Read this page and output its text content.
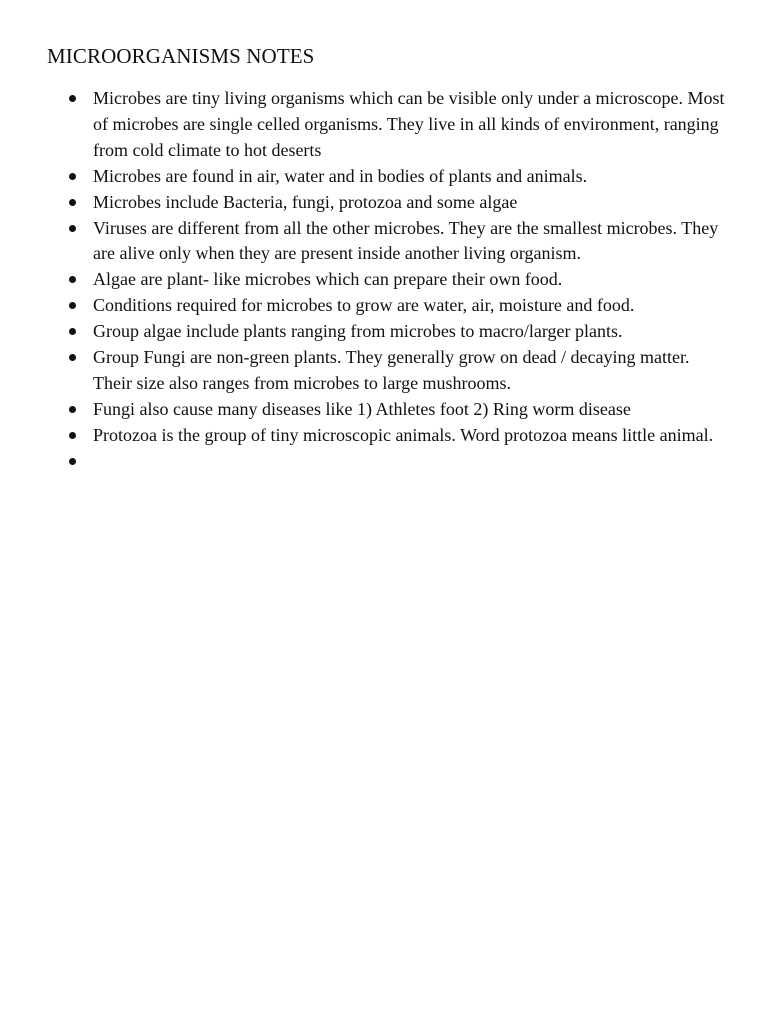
MICROORGANISMS NOTES
Microbes are tiny living organisms which can be visible only under a microscope. Most of microbes are single celled organisms. They live in all kinds of environment, ranging from cold climate to hot deserts
Microbes are found in air, water and in bodies of plants and animals.
Microbes include Bacteria, fungi, protozoa and some algae
Viruses are different from all the other microbes. They are the smallest microbes. They are alive only when they are present inside another living organism.
Algae are plant- like microbes which can prepare their own food.
Conditions required for microbes to grow are water, air, moisture and food.
Group algae include plants ranging from microbes to macro/larger plants.
Group Fungi are non-green plants. They generally grow on dead / decaying matter. Their size also ranges from microbes to large mushrooms.
Fungi also cause many diseases like 1) Athletes foot 2) Ring worm disease
Protozoa is the group of tiny microscopic animals. Word protozoa means little animal.
